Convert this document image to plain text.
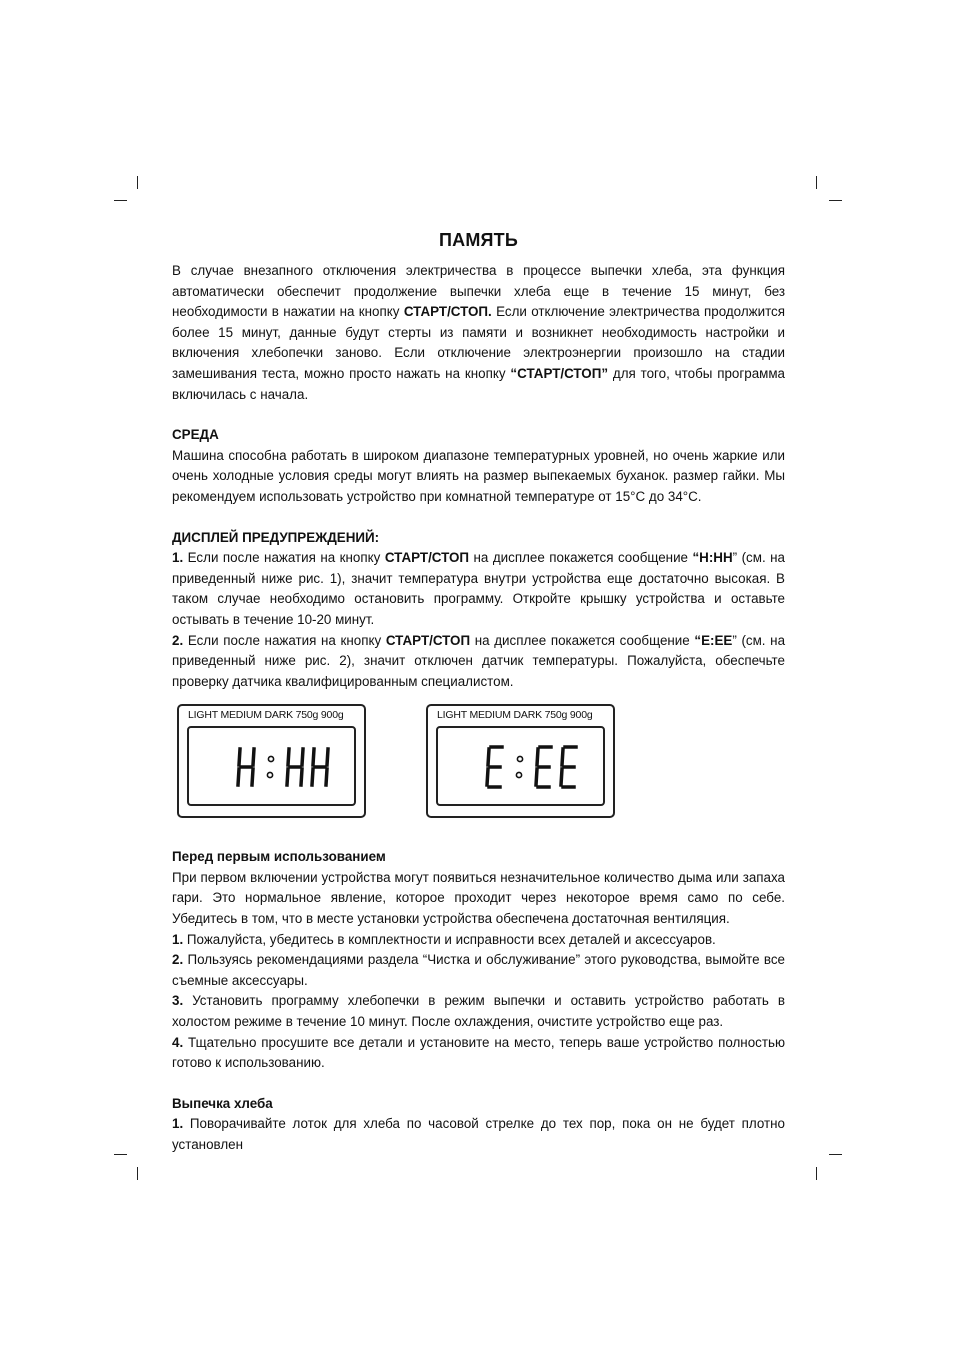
ПАМЯТЬ

В случае внезапного отключения электричества в процессе выпечки хлеба, эта функция автоматически обеспечит продолжение выпечки хлеба еще в течение 15 минут, без необходимости в нажатии на кнопку СТАРТ/СТОП. Если отключение электричества продолжится более 15 минут, данные будут стерты из памяти и возникнет необходимость настройки и включения хлебопечки заново. Если отключение электроэнергии произошло на стадии замешивания теста, можно просто нажать на кнопку “СТАРТ/СТОП” для того, чтобы программа включилась с начала.

СРЕДА

Машина способна работать в широком диапазоне температурных уровней, но очень жаркие или очень холодные условия среды могут влиять на размер выпекаемых буханок. размер гайки. Мы рекомендуем использовать устройство при комнатной температуре от 15°C до 34°C.

ДИСПЛЕЙ ПРЕДУПРЕЖДЕНИЙ:

1. Если после нажатия на кнопку СТАРТ/СТОП на дисплее покажется сообщение “H:HH” (см. на приведенный ниже рис. 1), значит температура внутри устройства еще достаточно высокая. В таком случае необходимо остановить программу. Откройте крышку устройства и оставьте остывать в течение 10-20 минут.

2. Если после нажатия на кнопку СТАРТ/СТОП на дисплее покажется сообщение “E:EE” (см. на приведенный ниже рис. 2), значит отключен датчик температуры. Пожалуйста, обеспечьте проверку датчика квалифицированным специалистом.

LIGHT MEDIUM DARK 750g 900g	LIGHT MEDIUM DARK 750g 900g

Перед первым использованием

При первом включении устройства могут появиться незначительное количество дыма или запаха гари. Это нормальное явление, которое проходит через некоторое время само по себе. Убедитесь в том, что в месте установки устройства обеспечена достаточная вентиляция.

1. Пожалуйста, убедитесь в комплектности и исправности всех деталей и аксессуаров.

2. Пользуясь рекомендациями раздела “Чистка и обслуживание” этого руководства, вымойте все съемные аксессуары.

3. Установить программу хлебопечки в режим выпечки и оставить устройство работать в холостом режиме в течение 10 минут. После охлаждения, очистите устройство еще раз.

4. Тщательно просушите все детали и установите на место, теперь ваше устройство полностью готово к использованию.

Выпечка хлеба

1. Поворачивайте лоток для хлеба по часовой стрелке до тех пор, пока он не будет плотно установлен
